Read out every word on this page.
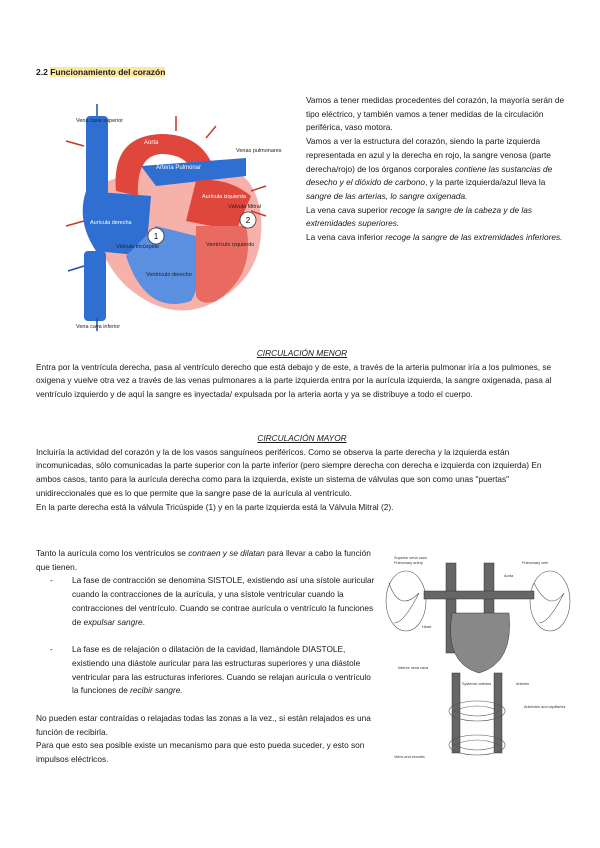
2.2 Funcionamiento del corazón
1
2
Vena cava superior
Aorta
Arteria Pulmonar
Venas pulmonares
Aurícula izquierda
Aurícula derecha
Válvula tricúspide
Válvula Mitral
Ventrículo izquierdo
Ventrículo derecho
Vena cava inferior

Vamos a tener medidas procedentes del corazón, la mayoría serán de tipo eléctrico, y también vamos a tener medidas de la circulación periférica, vaso motora.

Vamos a ver la estructura del corazón, siendo la parte izquierda representada en azul y la derecha en rojo, la sangre venosa (parte derecha/rojo) de los órganos corporales contiene las sustancias de desecho y el dióxido de carbono, y la parte izquierda/azul lleva la sangre de las arterias, lo sangre oxigenada.

La vena cava superior recoge la sangre de la cabeza y de las extremidades superiores.

La vena cava inferior recoge la sangre de las extremidades inferiores.

CIRCULACIÓN MENOR

Entra por la ventrícula derecha, pasa al ventrículo derecho que está debajo y de este, a través de la arteria pulmonar iría a los pulmones, se oxigena y vuelve otra vez a través de las venas pulmonares a la parte izquierda entra por la aurícula izquierda, la sangre oxigenada, pasa al ventrículo izquierdo y de aquí la sangre es inyectada/ expulsada por la arteria aorta y ya se distribuye a todo el cuerpo.

CIRCULACIÓN MAYOR

Incluiría la actividad del corazón y la de los vasos sanguíneos periféricos. Como se observa la parte derecha y la izquierda están incomunicadas, sólo comunicadas la parte superior con la parte inferior (pero siempre derecha con derecha e izquierda con izquierda) En ambos casos, tanto para la aurícula derecha como para la izquierda, existe un sistema de válvulas que son como unas "puertas" unidireccionales que es lo que permite que la sangre pase de la aurícula al ventrículo.

En la parte derecha está la válvula Tricúspide (1) y en la parte izquierda está la Válvula Mitral (2).

Tanto la aurícula como los ventrículos se contraen y se dilatan para llevar a cabo la función que tienen.

- La fase de contracción se denomina SISTOLE, existiendo así una sístole auricular cuando la contracciones de la aurícula, y una sístole ventricular cuando la contracciones del ventrículo. Cuando se contrae aurícula o ventrículo la funciones de expulsar sangre.

- La fase es de relajación o dilatación de la cavidad, llamándole DIASTOLE, existiendo una diástole auricular para las estructuras superiores y una diástole ventricular para las estructuras inferiores. Cuando se relajan aurícula o ventrículo la funciones de recibir sangre.

No pueden estar contraídas o relajadas todas las zonas a la vez., si están relajados es una función de recibirla.

Para que esto sea posible existe un mecanismo para que esto pueda suceder, y esto son impulsos eléctricos.

Superior vena cava
Pulmonary artery	Pulmonary vein
Aorta
Heart
Inferior vena cava
Systemic arteries	Arteries
Arterioles and capillaries
Veins and venules
